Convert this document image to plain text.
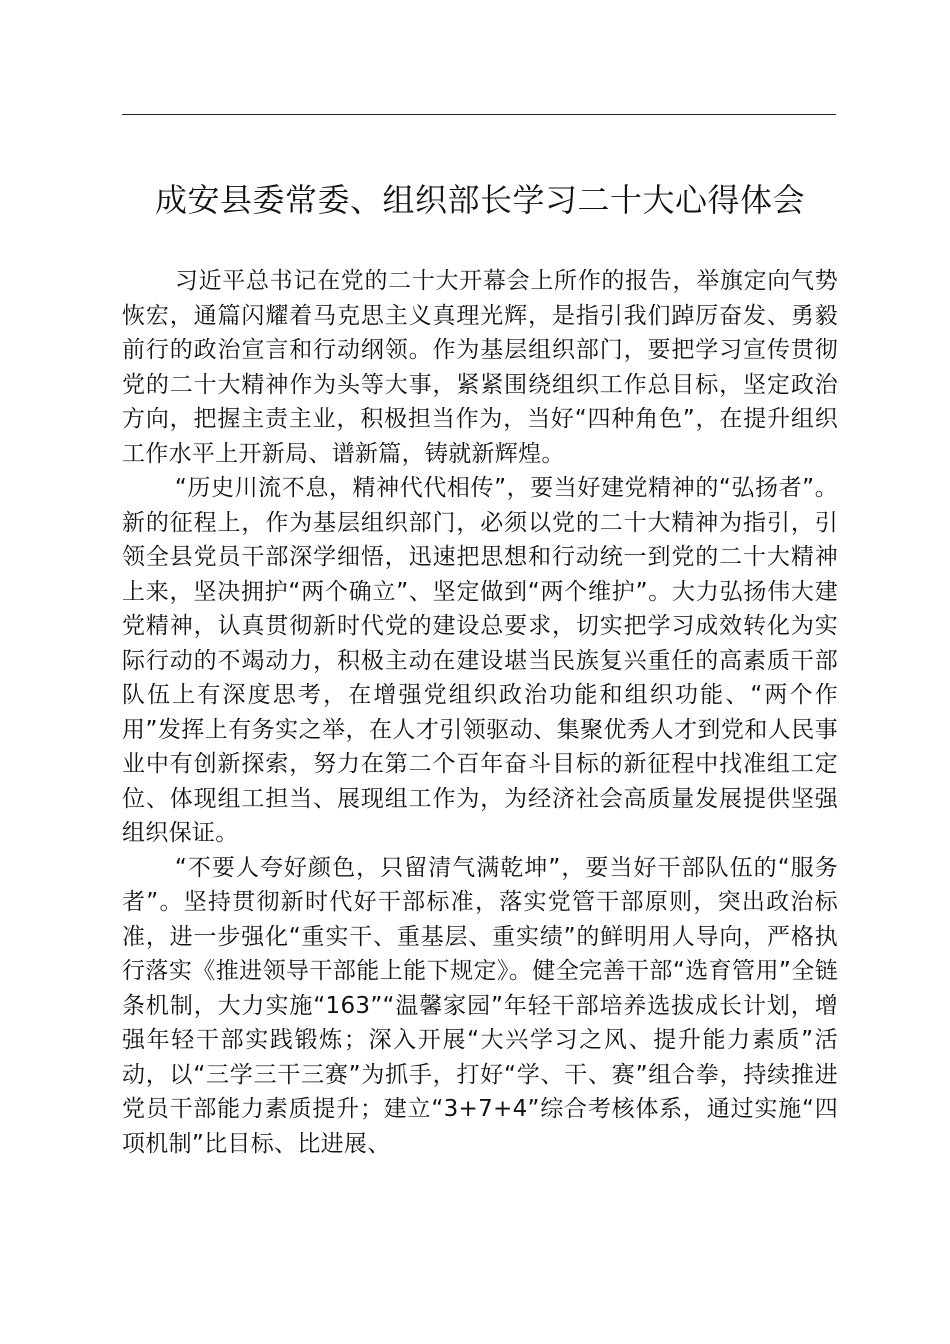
成安县委常委、组织部长学习二十大心得体会

习近平总书记在党的二十大开幕会上所作的报告，举旗定向气势恢宏，通篇闪耀着马克思主义真理光辉，是指引我们踔厉奋发、勇毅前行的政治宣言和行动纲领。作为基层组织部门，要把学习宣传贯彻党的二十大精神作为头等大事，紧紧围绕组织工作总目标，坚定政治方向，把握主责主业，积极担当作为，当好“四种角色”，在提升组织工作水平上开新局、谱新篇，铸就新辉煌。

“历史川流不息，精神代代相传”，要当好建党精神的“弘扬者”。新的征程上，作为基层组织部门，必须以党的二十大精神为指引，引领全县党员干部深学细悟，迅速把思想和行动统一到党的二十大精神上来，坚决拥护“两个确立”、坚定做到“两个维护”。大力弘扬伟大建党精神，认真贯彻新时代党的建设总要求，切实把学习成效转化为实际行动的不竭动力，积极主动在建设堪当民族复兴重任的高素质干部队伍上有深度思考，在增强党组织政治功能和组织功能、“两个作用”发挥上有务实之举，在人才引领驱动、集聚优秀人才到党和人民事业中有创新探索，努力在第二个百年奋斗目标的新征程中找准组工定位、体现组工担当、展现组工作为，为经济社会高质量发展提供坚强组织保证。

“不要人夸好颜色，只留清气满乾坤”，要当好干部队伍的“服务者”。坚持贯彻新时代好干部标准，落实党管干部原则，突出政治标准，进一步强化“重实干、重基层、重实绩”的鲜明用人导向，严格执行落实《推进领导干部能上能下规定》。健全完善干部“选育管用”全链条机制，大力实施“163”“温馨家园”年轻干部培养选拔成长计划，增强年轻干部实践锻炼；深入开展“大兴学习之风、提升能力素质”活动，以“三学三干三赛”为抓手，打好“学、干、赛”组合拳，持续推进党员干部能力素质提升；建立“3+7+4”综合考核体系，通过实施“四项机制”比目标、比进展、
